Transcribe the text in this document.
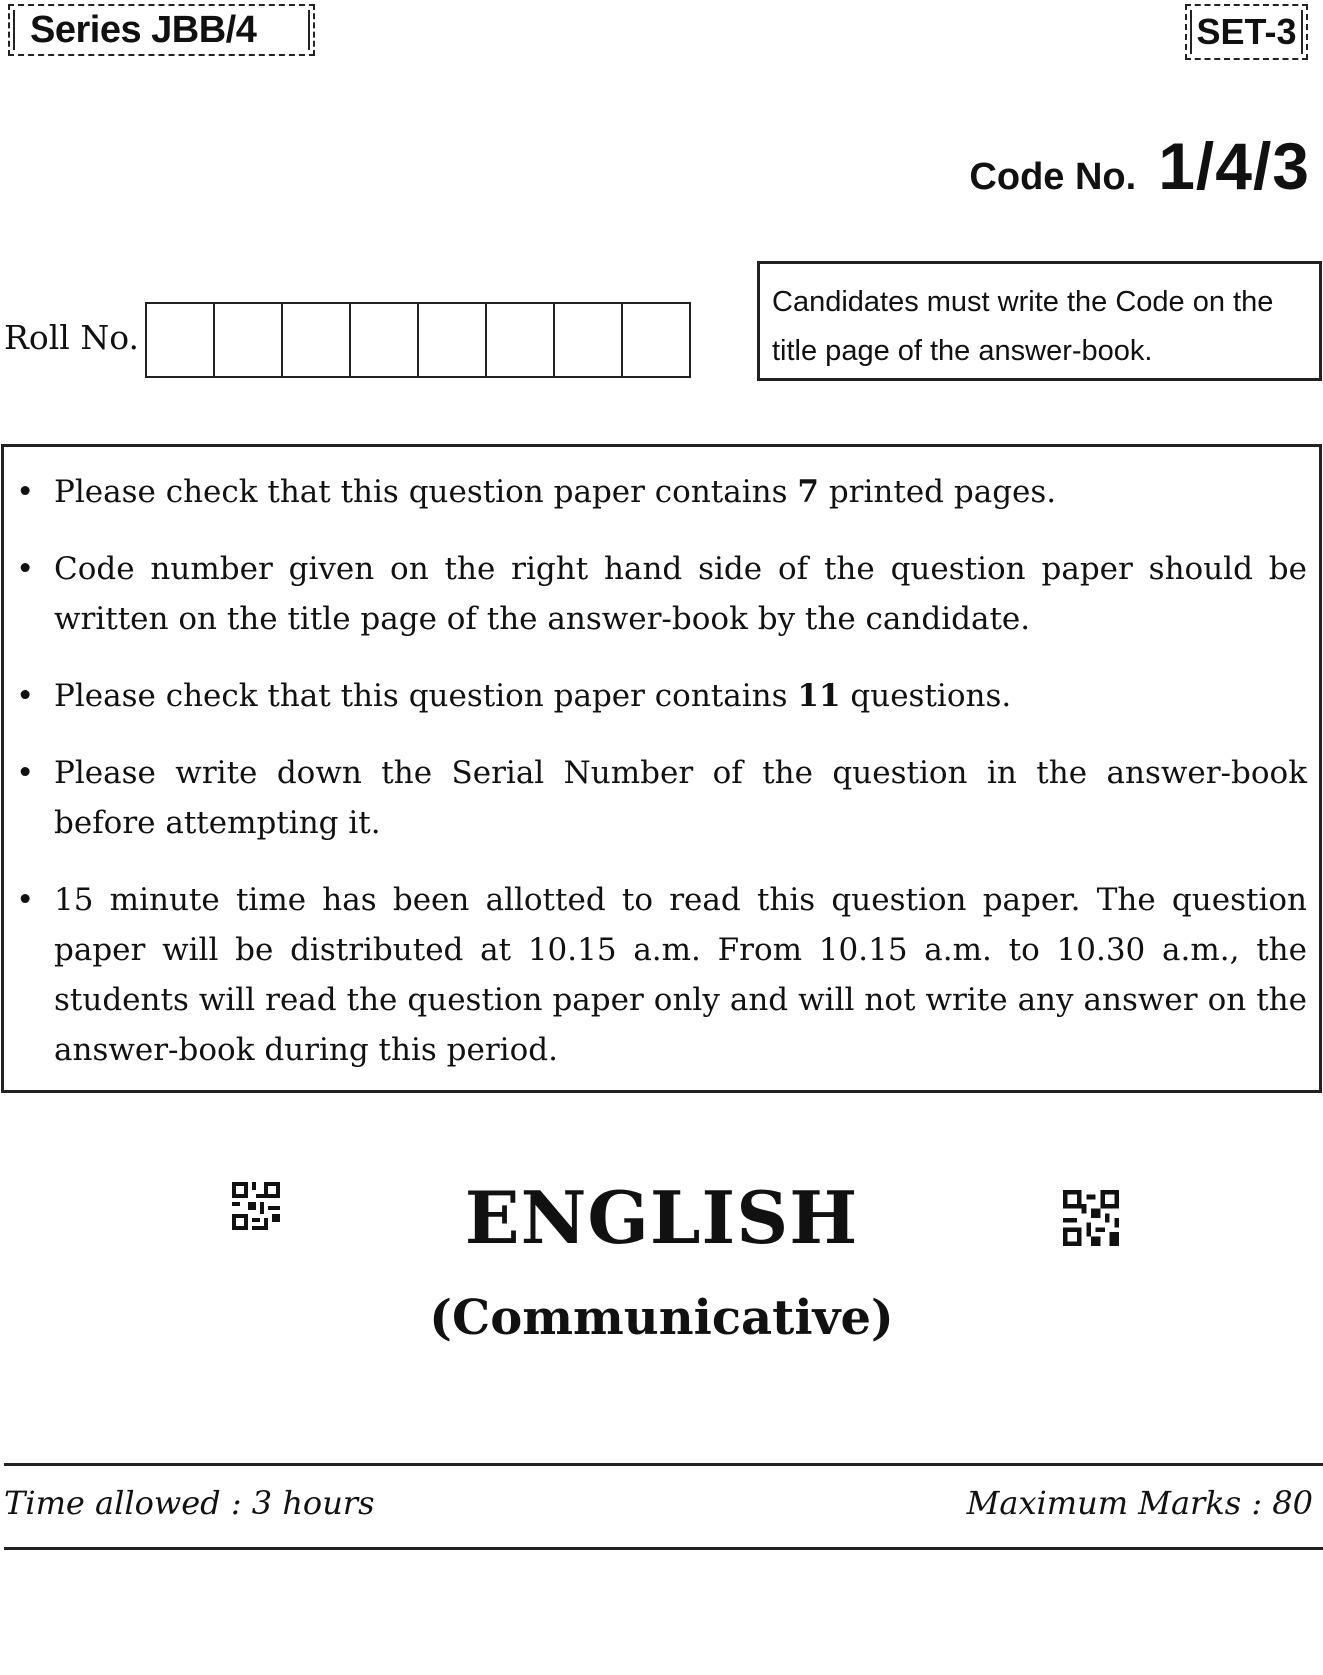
Series JBB/4	SET-3
Code No. 1/4/3
Roll No.
Candidates must write the Code on the title page of the answer-book.
• Please check that this question paper contains 7 printed pages.
• Code number given on the right hand side of the question paper should be written on the title page of the answer-book by the candidate.
• Please check that this question paper contains 11 questions.
• Please write down the Serial Number of the question in the answer-book before attempting it.
• 15 minute time has been allotted to read this question paper. The question paper will be distributed at 10.15 a.m. From 10.15 a.m. to 10.30 a.m., the students will read the question paper only and will not write any answer on the answer-book during this period.
ENGLISH
(Communicative)
Time allowed : 3 hours	Maximum Marks : 80
